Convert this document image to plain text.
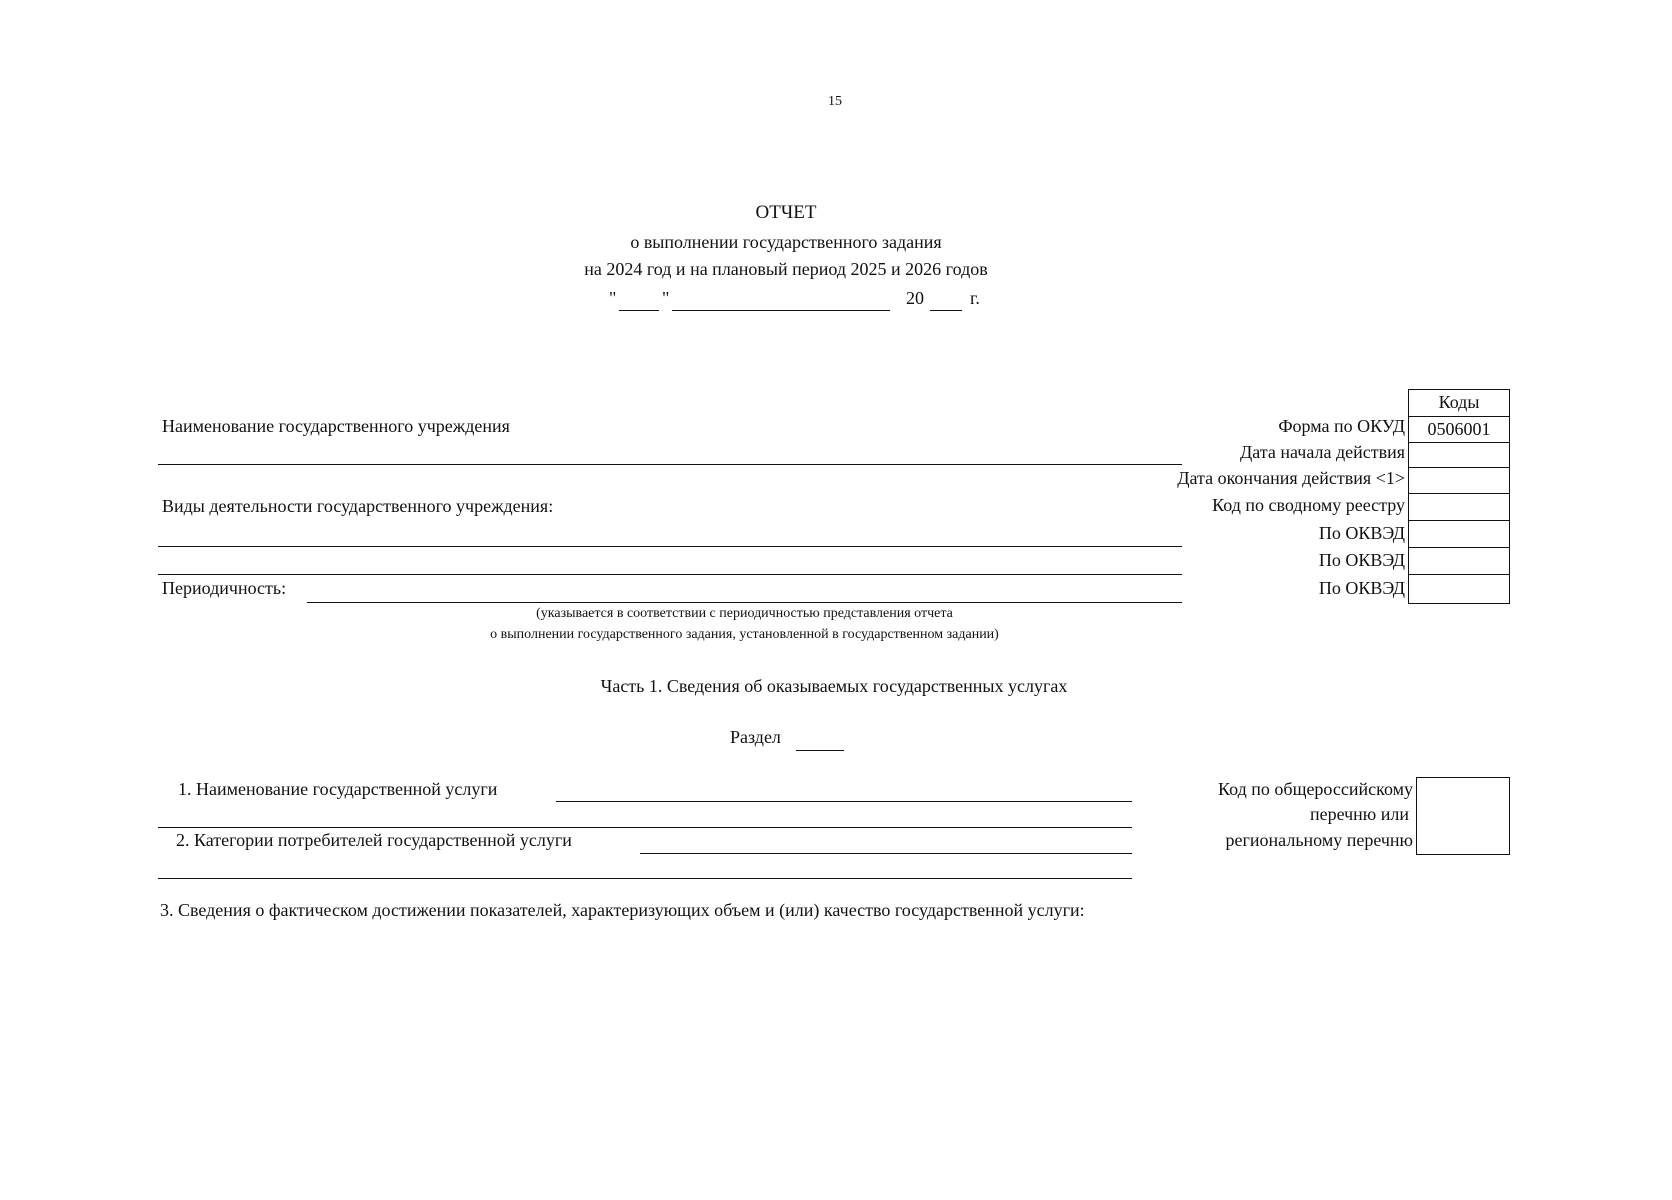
15
ОТЧЕТ
о выполнении государственного задания
на 2024 год и на плановый период 2025 и 2026 годов
"	"	20	г.
Наименование государственного учреждения
Виды деятельности государственного учреждения:
Периодичность:
(указывается в соответствии с периодичностью представления отчета
о выполнении государственного задания, установленной в государственном задании)
Коды
Форма по ОКУД	0506001
Дата начала действия
Дата окончания действия <1>
Код по сводному реестру
По ОКВЭД
По ОКВЭД
По ОКВЭД
Часть 1. Сведения об оказываемых государственных услугах
Раздел
1. Наименование государственной услуги
2. Категории потребителей государственной услуги
Код по общероссийскому
перечню или
региональному перечню
3. Сведения о фактическом достижении показателей, характеризующих объем и (или) качество государственной услуги:
